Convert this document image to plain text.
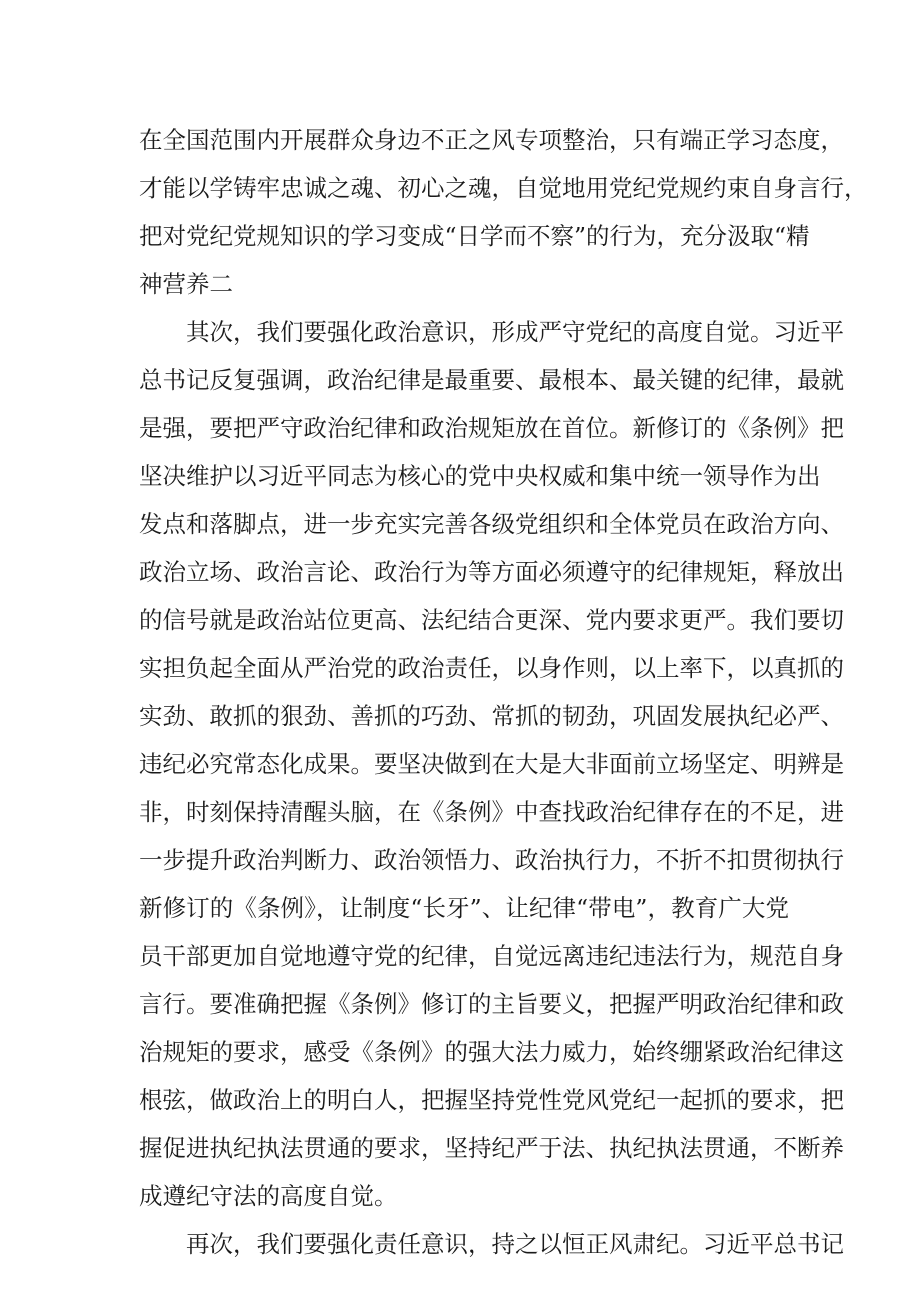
在全国范围内开展群众身边不正之风专项整治，只有端正学习态度，
才能以学铸牢忠诚之魂、初心之魂，自觉地用党纪党规约束自身言行，
把对党纪党规知识的学习变成“日学而不察”的行为，充分汲取“精
神营养二
其次，我们要强化政治意识，形成严守党纪的高度自觉。习近平
总书记反复强调，政治纪律是最重要、最根本、最关键的纪律，最就
是强，要把严守政治纪律和政治规矩放在首位。新修订的《条例》把
坚决维护以习近平同志为核心的党中央权威和集中统一领导作为出
发点和落脚点，进一步充实完善各级党组织和全体党员在政治方向、
政治立场、政治言论、政治行为等方面必须遵守的纪律规矩，释放出
的信号就是政治站位更高、法纪结合更深、党内要求更严。我们要切
实担负起全面从严治党的政治责任，以身作则，以上率下，以真抓的
实劲、敢抓的狠劲、善抓的巧劲、常抓的韧劲，巩固发展执纪必严、
违纪必究常态化成果。要坚决做到在大是大非面前立场坚定、明辨是
非，时刻保持清醒头脑，在《条例》中查找政治纪律存在的不足，进
一步提升政治判断力、政治领悟力、政治执行力，不折不扣贯彻执行
新修订的《条例》，让制度“长牙”、让纪律“带电”，教育广大党
员干部更加自觉地遵守党的纪律，自觉远离违纪违法行为，规范自身
言行。要准确把握《条例》修订的主旨要义，把握严明政治纪律和政
治规矩的要求，感受《条例》的强大法力威力，始终绷紧政治纪律这
根弦，做政治上的明白人，把握坚持党性党风党纪一起抓的要求，把
握促进执纪执法贯通的要求，坚持纪严于法、执纪执法贯通，不断养
成遵纪守法的高度自觉。
再次，我们要强化责任意识，持之以恒正风肃纪。习近平总书记
